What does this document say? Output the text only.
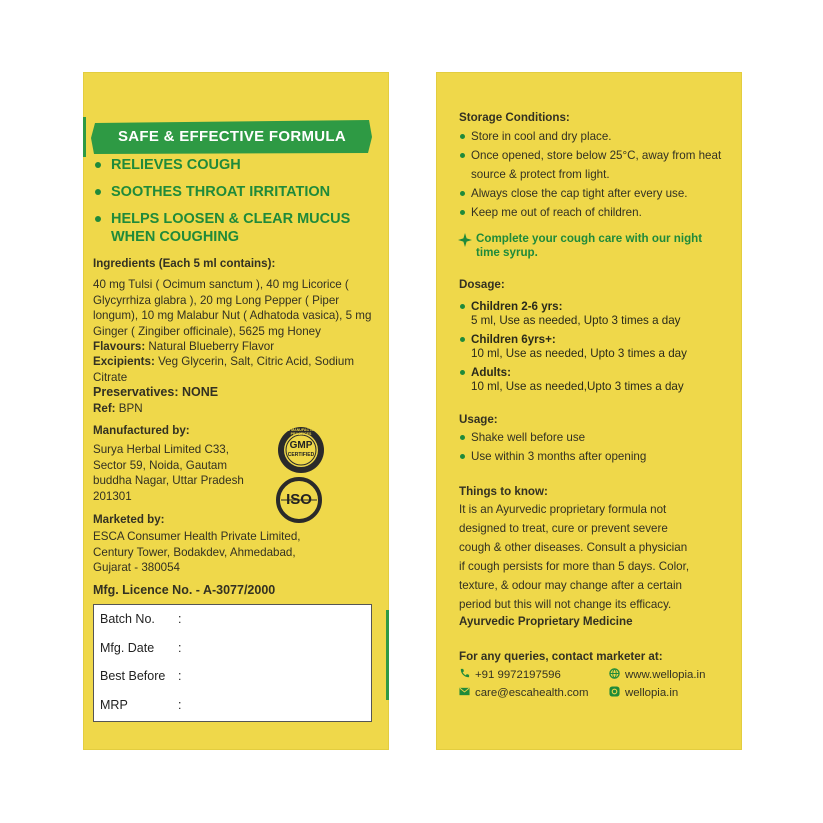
SAFE & EFFECTIVE FORMULA
RELIEVES COUGH
SOOTHES THROAT IRRITATION
HELPS LOOSEN & CLEAR MUCUS WHEN COUGHING
Ingredients (Each 5 ml contains):
40 mg Tulsi ( Ocimum sanctum ), 40 mg Licorice ( Glycyrrhiza glabra ), 20 mg Long Pepper ( Piper longum), 10 mg Malabur Nut ( Adhatoda vasica), 5 mg Ginger ( Zingiber officinale), 5625 mg Honey
Flavours: Natural Blueberry Flavor
Excipients: Veg Glycerin, Salt, Citric Acid, Sodium Citrate
Preservatives: NONE
Ref: BPN
Manufactured by:
Surya Herbal Limited C33,
Sector 59, Noida, Gautam
buddha Nagar, Uttar Pradesh
201301
GMP
CERTIFIED
GOOD MANUFACTURING PRACTICES
ISO
Marketed by:
ESCA Consumer Health Private Limited,
Century Tower, Bodakdev, Ahmedabad,
Gujarat - 380054
Mfg. Licence No. - A-3077/2000
Batch No. :
Mfg. Date :
Best Before :
MRP	:
Storage Conditions:
Store in cool and dry place.
Once opened, store below 25°C, away from heat source & protect from light.
Always close the cap tight after every use.
Keep me out of reach of children.
Complete your cough care with our night time syrup.
Dosage:
Children 2-6 yrs:
5 ml, Use as needed, Upto 3 times a day
Children 6yrs+:
10 ml, Use as needed, Upto 3 times a day
Adults:
10 ml, Use as needed,Upto 3 times a day
Usage:
Shake well before use
Use within 3 months after opening
Things to know:
It is an Ayurvedic proprietary formula not
designed to treat, cure or prevent severe
cough & other diseases. Consult a physician
if cough persists for more than 5 days. Color,
texture, & odour may change after a certain
period but this will not change its efficacy.
Ayurvedic Proprietary Medicine
For any queries, contact marketer at:
+91 9972197596	www.wellopia.in
care@escahealth.com	wellopia.in
